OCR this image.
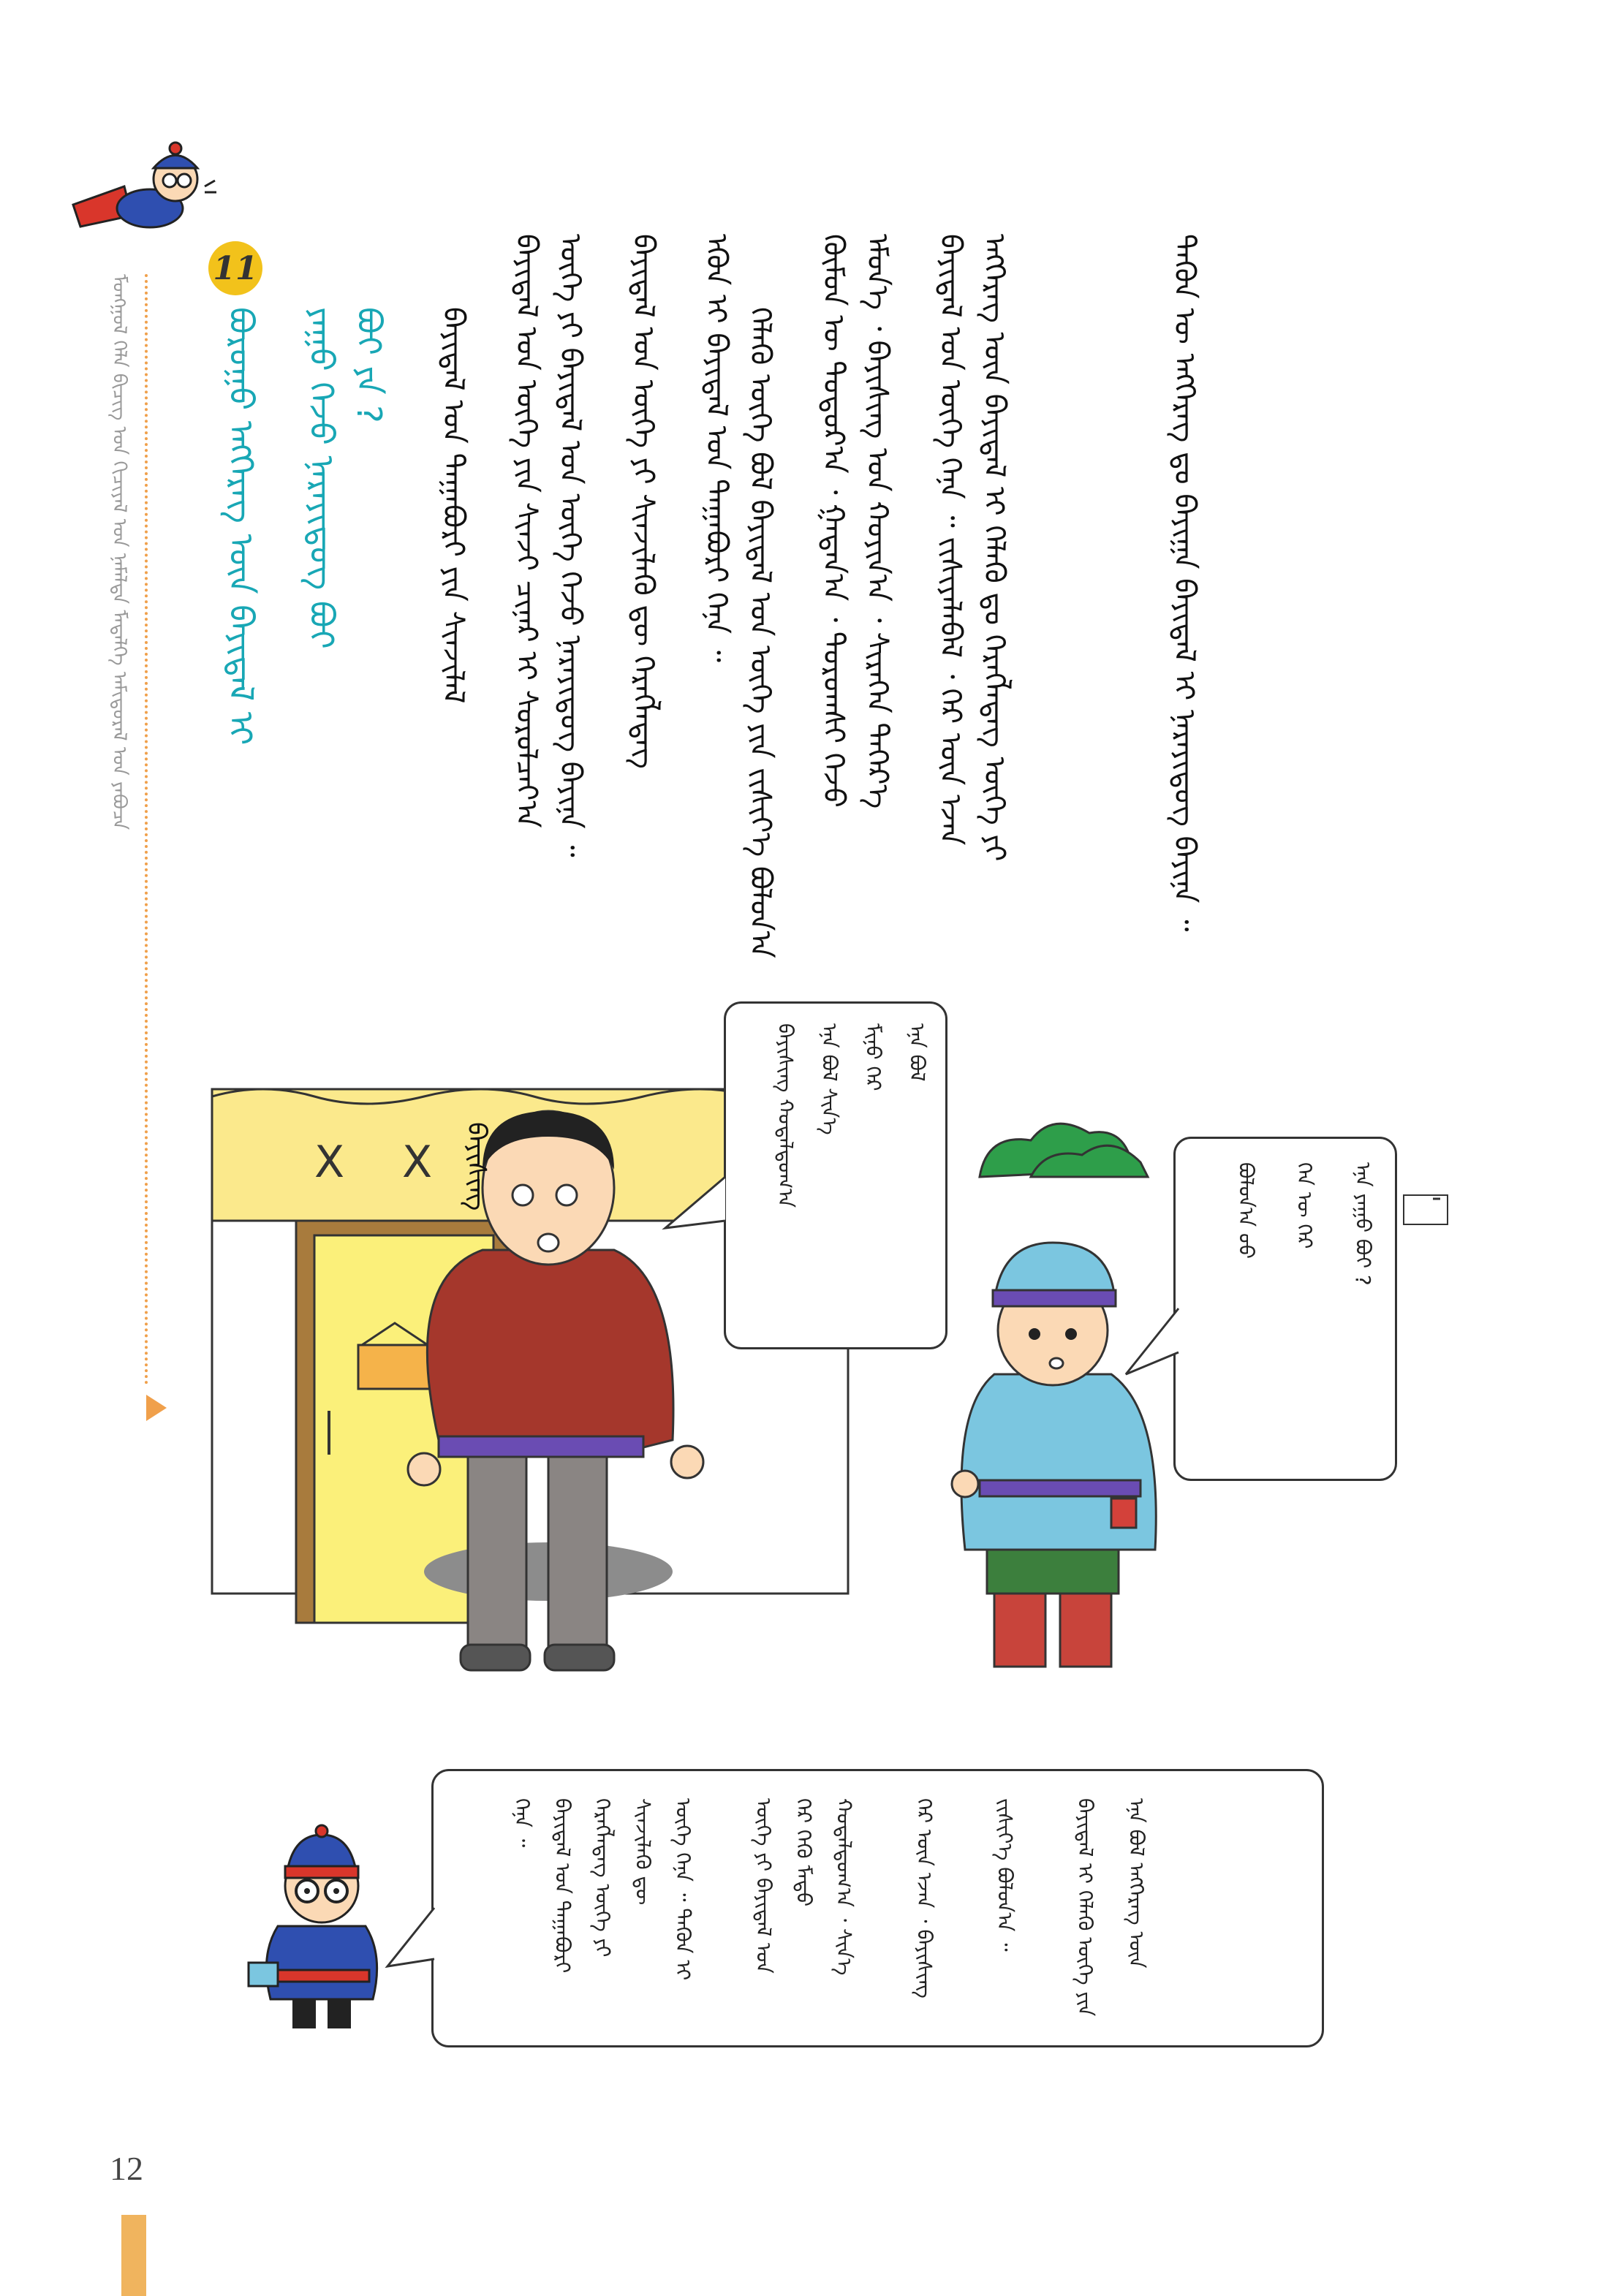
ᠮᠣᠩᠭᠣᠯ ᠬᠡᠯᠡ ᠪᠢᠴᠢᠭ ᠤᠨ ᠬᠢᠴᠢᠶᠡᠯ ᠤᠨ ᠨᠡᠮᠡᠯᠲᠡ ᠮᠡᠳᠡᠯᠭᠡ ᠠᠮᠢᠳᠤᠷᠠᠯ ᠤᠨ ᠶᠠᠪᠤᠴᠠ
11
ᠪᠤᠷᠤᠭᠤ ᠡᠩᠭᠡᠷᠡᠭ ᠦᠨ ᠪᠠᠶᠢᠳᠠᠯ ᠢ ᠶᠠᠭᠤ ᠭᠡᠵᠦ ᠨᠡᠷᠡᠶᠢᠳᠦᠭ ᠪᠤᠢ ᠪᠤᠢ ᠶᠠ ?	ᠪᠠᠶᠢᠳᠠᠯ ᠤᠨ ᠳᠠᠭᠠᠪᠤᠷᠢ ᠶᠢᠨ ᠰᠢᠨᠵᠢᠯᠡᠯ ᠪᠠᠶᠢᠳᠠᠯ ᠤᠨ ᠦᠭᠡ ᠶᠢᠨ ᠰᠢᠨᠵᠢ ᠴᠢᠨᠠᠷ ᠢ ᠰᠤᠷᠤᠯᠴᠠᠶ᠎ᠠ ᠦᠭᠡ ᠶᠢ ᠪᠠᠶᠢᠳᠠᠯ ᠤᠨ ᠦᠭᠡ ᠭᠡᠵᠦ ᠨᠡᠷᠡᠶᠢᠳᠦᠭ ᠪᠠᠶᠢᠨᠠ ᠃ ᠪᠠᠶᠢᠳᠠᠯ ᠤᠨ ᠦᠭᠡ ᠶᠢ ᠰᠢᠨᠵᠢᠯᠡᠬᠦ ᠳᠦ ᠬᠡᠷᠡᠭᠯᠡᠳᠡᠭ ᠡᠭᠦᠨ ᠢ ᠪᠠᠶᠢᠳᠠᠯ ᠤᠨ ᠳᠠᠭᠠᠪᠤᠷᠢ ᠭᠡᠨᠡ ᠃ ᠬᠡᠯᠡᠬᠦ ᠦᠭᠡ ᠪᠤᠯ ᠪᠠᠶᠢᠳᠠᠯ ᠤᠨ ᠦᠭᠡ ᠶᠢᠨ ᠵᠢᠱᠢᠶ᠎ᠡ ᠪᠣᠯᠣᠨ᠎ᠠ ᠬᠦᠮᠦᠨ ᠦ ᠳᠣᠲᠣᠷ᠎ᠠ ᠂ ᠭᠠᠳᠠᠨ᠎ᠠ ᠂ ᠳᠣᠷᠣᠭᠰᠢ ᠭᠡᠵᠦ ᠡᠮᠦᠨ᠎ᠡ ᠂ ᠪᠠᠶᠢᠰᠢᠩ ᠤᠨ ᠬᠣᠶᠢᠨ᠎ᠠ ᠂ ᠰᠢᠷᠡᠭᠡᠨ ᠳᠡᠭᠡᠷ᠎ᠡ ᠪᠠᠶᠢᠳᠠᠯ ᠤᠨ ᠦᠭᠡ ᠭᠡᠨᠡ ᠃ ᠵᠢᠱᠢᠶᠡᠯᠡᠪᠡᠯ ᠂ ᠭᠡᠷ ᠦᠨ ᠡᠵᠡᠨ ᠡᠩᠭᠡᠷᠡᠭ ᠦᠨ ᠪᠠᠶᠢᠳᠠᠯ ᠢ ᠬᠡᠯᠡᠬᠦ ᠳᠤ ᠬᠡᠷᠡᠭᠯᠡᠳᠡᠭ ᠦᠭᠡ ᠶᠢ	ᠲᠡᠭᠦᠨ ᠦ ᠡᠩᠭᠡᠷᠡᠭ ᠳᠤ ᠪᠠᠶᠢᠭᠠ ᠪᠠᠶᠢᠳᠠᠯ ᠢ ᠨᠡᠷᠡᠶᠢᠳᠦᠭ ᠪᠠᠶᠢᠨᠠ ᠃
X X	ᠪᠠᠶᠢᠰᠢᠩ
ᠡᠨᠡ ᠪᠣᠯ
ᠮᠢᠨᠦ ᠭᠡᠷ
ᠡᠨᠡ ᠪᠣᠯ ᠰᠢᠨ᠎ᠡ
ᠪᠠᠶᠢᠰᠢᠩ ᠬᠤᠳᠠᠯᠳᠤᠭ᠎ᠠ
ᠡᠨᠡ ᠶᠠᠭᠤ ᠪᠤᠢ ?
ᠬᠡᠨ ᠦ ᠭᠡᠷ
ᠪᠣᠯᠣᠨ᠎ᠠ ᠤᠤ
ᠭᠡᠨᠡ ᠃ ᠪᠠᠶᠢᠳᠠᠯ ᠤᠨ ᠳᠠᠭᠠᠪᠤᠷᠢ ᠬᠡᠷᠡᠭᠯᠡᠳᠡᠭ ᠦᠭᠡ ᠶᠢ ᠰᠢᠨᠵᠢᠯᠡᠬᠦ ᠳᠦ ᠦᠭᠡ ᠭᠡᠨᠡ ᠃ ᠲᠡᠭᠦᠨ ᠢ	ᠦᠭᠡ ᠶᠢ ᠪᠠᠶᠢᠳᠠᠯ ᠤᠨ ᠭᠡᠷ ᠭᠡᠬᠦ ᠮᠡᠲᠦ ᠬᠤᠳᠠᠯᠳᠤᠭ᠎ᠠ ᠂ ᠰᠢᠨ᠎ᠡ	ᠭᠡᠷ ᠦᠨ ᠡᠵᠡᠨ ᠂ ᠪᠠᠶᠢᠰᠢᠩ	ᠵᠢᠱᠢᠶ᠎ᠡ ᠪᠣᠯᠣᠨ᠎ᠠ ᠃	ᠪᠠᠶᠢᠳᠠᠯ ᠢ ᠬᠡᠯᠡᠬᠦ ᠦᠭᠡ ᠶᠢᠨ ᠡᠨᠡ ᠪᠣᠯ ᠡᠩᠭᠡᠷᠡᠭ ᠦᠨ
12
